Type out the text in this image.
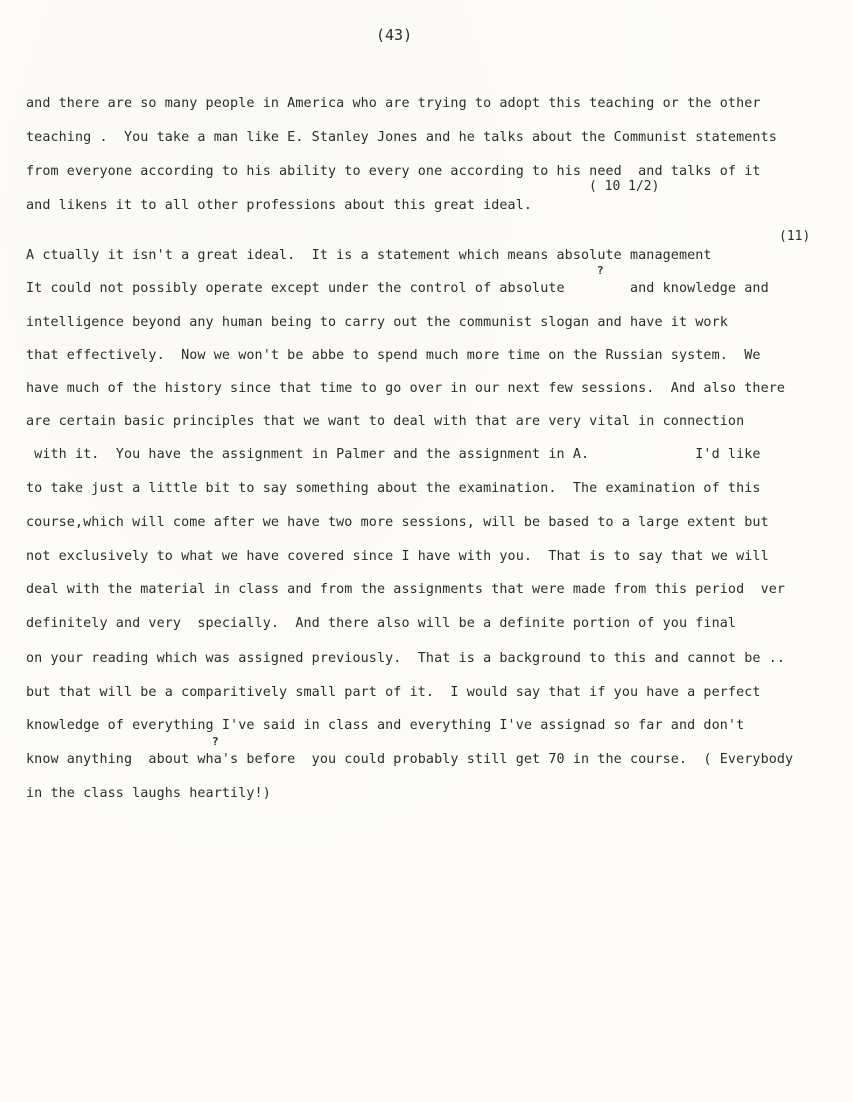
(43)
and there are so many people in America who are trying to adopt this teaching or the other
teaching .  You take a man like E. Stanley Jones and he talks about the Communist statements
from everyone according to his ability to every one according to his need  and talks of it
( 10 1/2)
and likens it to all other professions about this great ideal.
(11)
A ctually it isn't a great ideal.  It is a statement which means absolute management
?
It could not possibly operate except under the control of absolute        and knowledge and
intelligence beyond any human being to carry out the communist slogan and have it work
that effectively.  Now we won't be abbe to spend much more time on the Russian system.  We
have much of the history since that time to go over in our next few sessions.  And also there
are certain basic principles that we want to deal with that are very vital in connection
with it.  You have the assignment in Palmer and the assignment in A.             I'd like
to take just a little bit to say something about the examination.  The examination of this
course,which will come after we have two more sessions, will be based to a large extent but
not exclusively to what we have covered since I have with you.  That is to say that we will
deal with the material in class and from the assignments that were made from this period  ver
definitely and very  specially.  And there also will be a definite portion of you final
on your reading which was assigned previously.  That is a background to this and cannot be ..
but that will be a comparitively small part of it.  I would say that if you have a perfect
knowledge of everything I've said in class and everything I've assignad so far and don't
?
know anything  about wha's before  you could probably still get 70 in the course.  ( Everybody
in the class laughs heartily!)
